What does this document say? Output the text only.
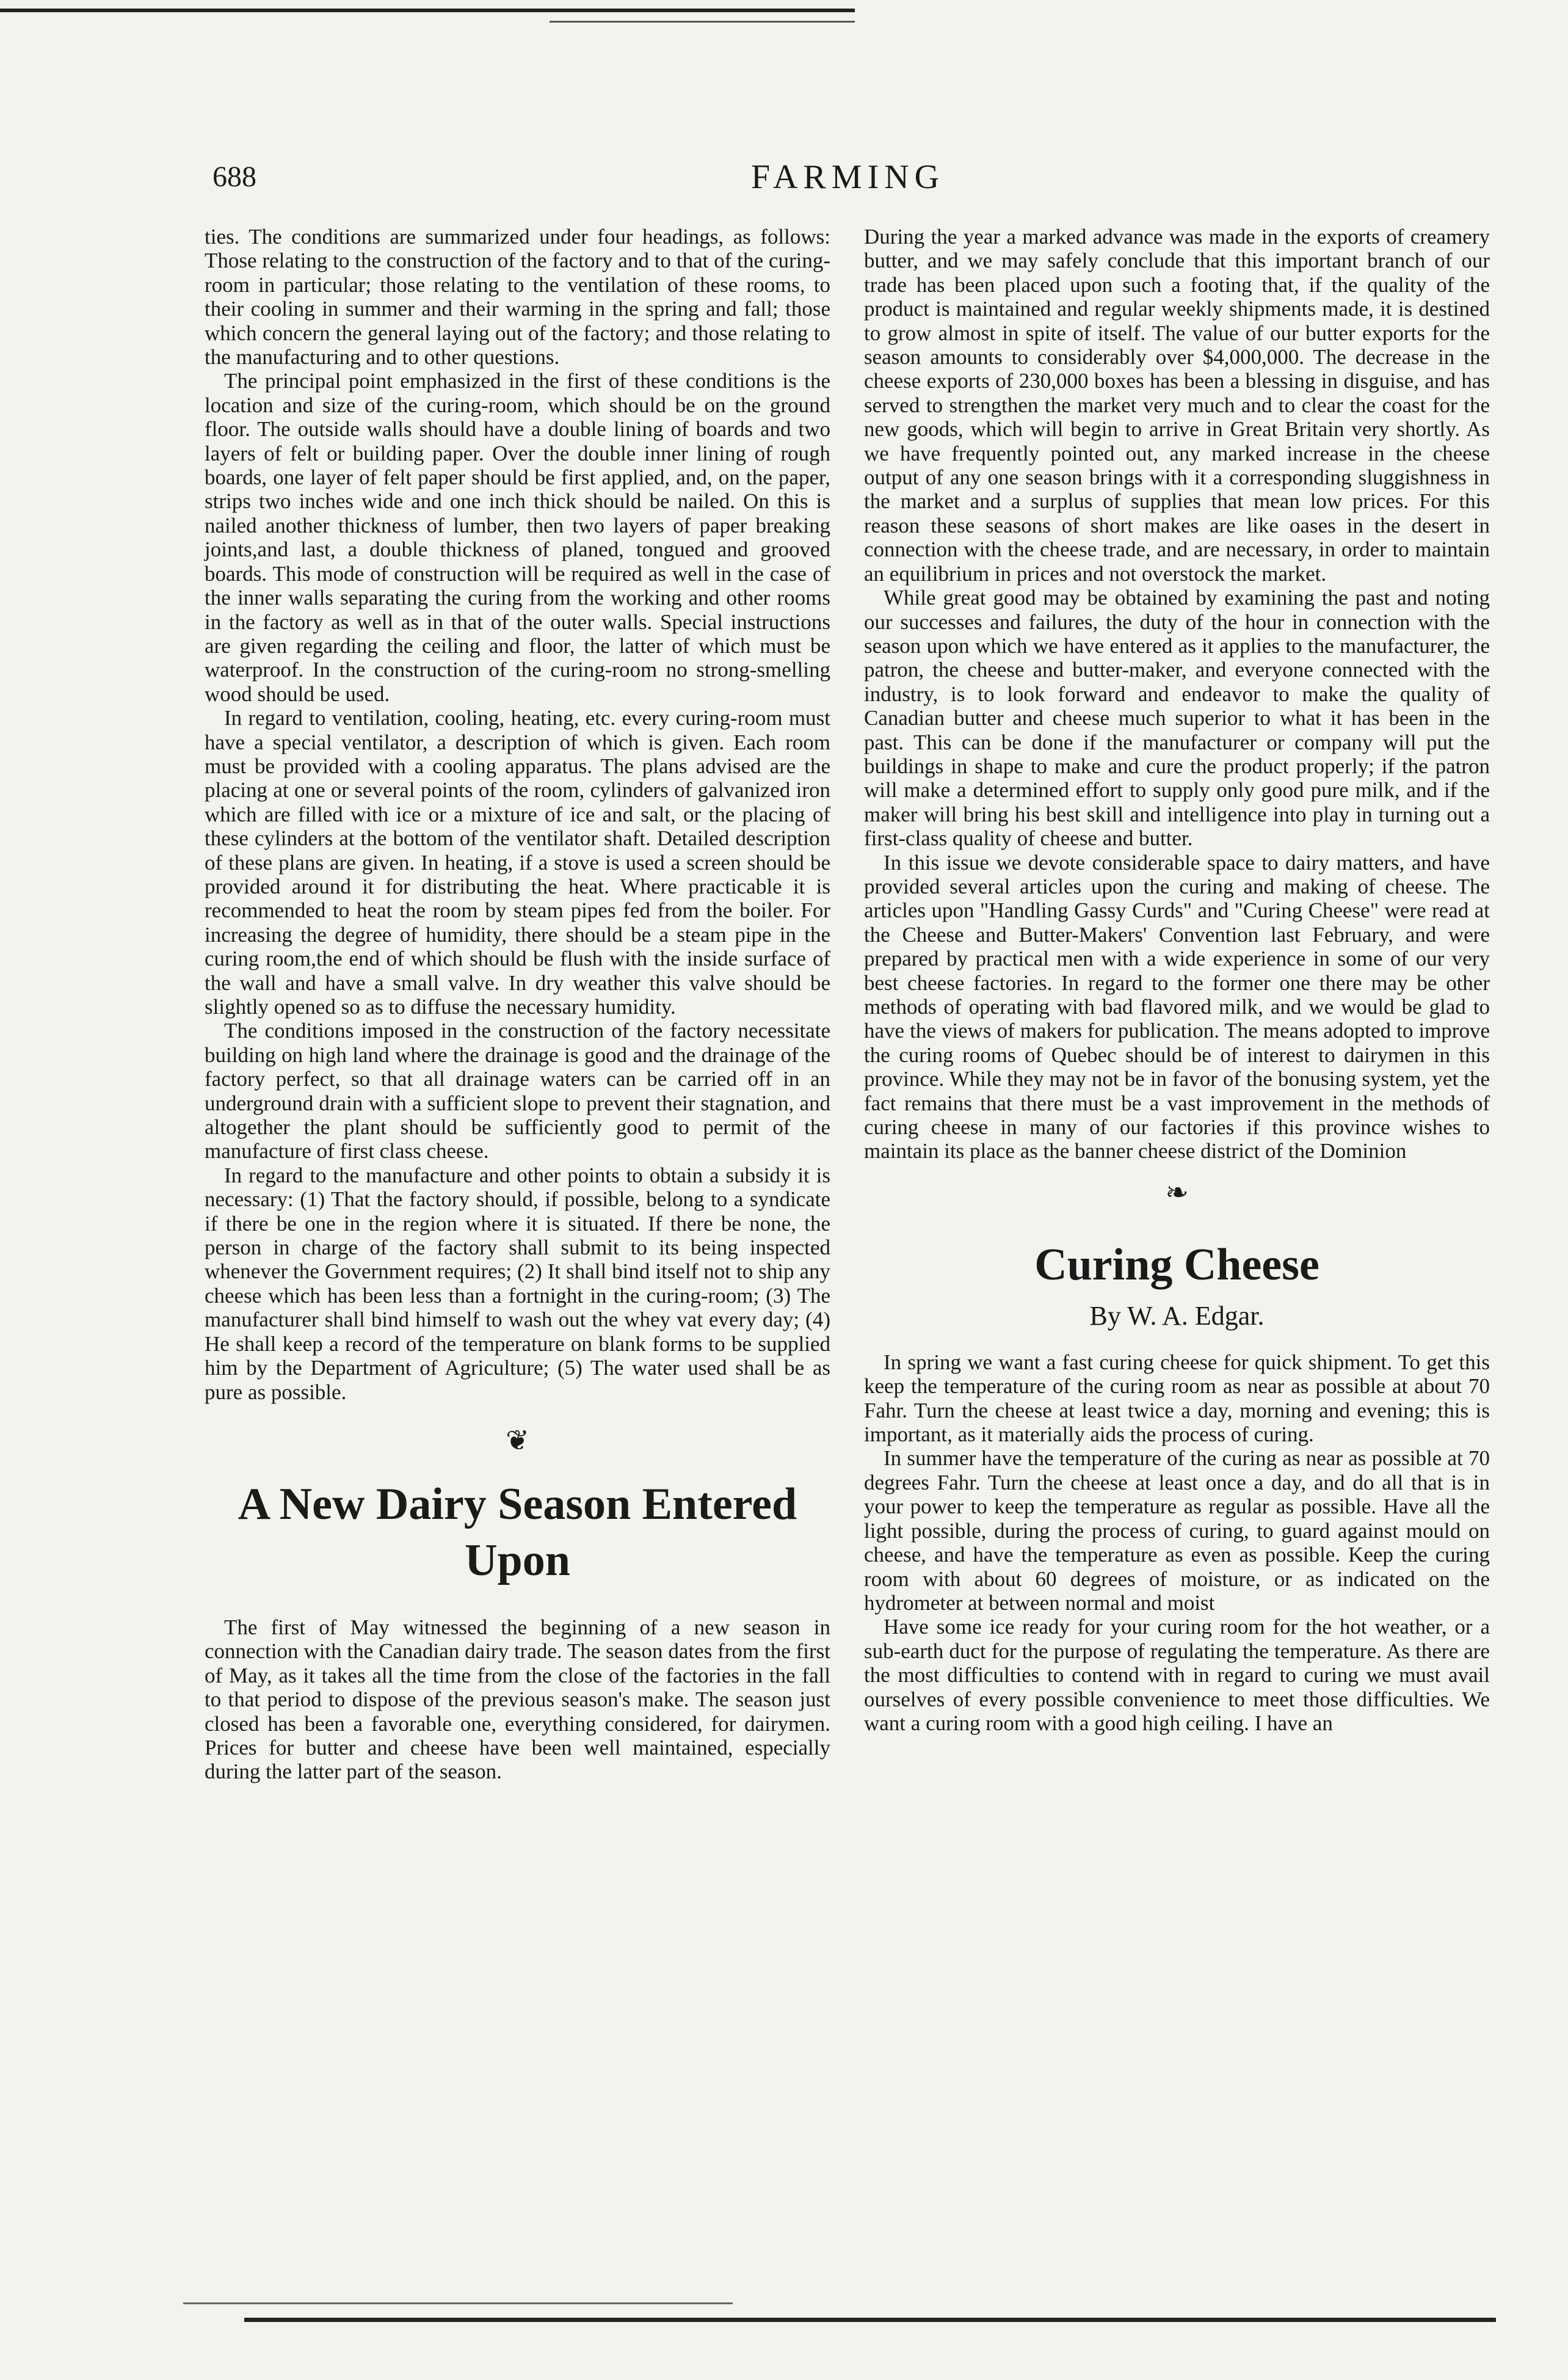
688	FARMING

ties. The conditions are summarized under four headings, as follows: Those relating to the construction of the factory and to that of the curing-room in particular; those relating to the ventilation of these rooms, to their cooling in summer and their warming in the spring and fall; those which concern the general laying out of the factory; and those relating to the manufacturing and to other questions.

The principal point emphasized in the first of these conditions is the location and size of the curing-room, which should be on the ground floor. The outside walls should have a double lining of boards and two layers of felt or building paper. Over the double inner lining of rough boards, one layer of felt paper should be first applied, and, on the paper, strips two inches wide and one inch thick should be nailed. On this is nailed another thickness of lumber, then two layers of paper breaking joints,and last, a double thickness of planed, tongued and grooved boards. This mode of construction will be required as well in the case of the inner walls separating the curing from the working and other rooms in the factory as well as in that of the outer walls. Special instructions are given regarding the ceiling and floor, the latter of which must be waterproof. In the construction of the curing-room no strong-smelling wood should be used.

In regard to ventilation, cooling, heating, etc. every curing-room must have a special ventilator, a description of which is given. Each room must be provided with a cooling apparatus. The plans advised are the placing at one or several points of the room, cylinders of galvanized iron which are filled with ice or a mixture of ice and salt, or the placing of these cylinders at the bottom of the ventilator shaft. Detailed description of these plans are given. In heating, if a stove is used a screen should be provided around it for distributing the heat. Where practicable it is recommended to heat the room by steam pipes fed from the boiler. For increasing the degree of humidity, there should be a steam pipe in the curing room,the end of which should be flush with the inside surface of the wall and have a small valve. In dry weather this valve should be slightly opened so as to diffuse the necessary humidity.

The conditions imposed in the construction of the factory necessitate building on high land where the drainage is good and the drainage of the factory perfect, so that all drainage waters can be carried off in an underground drain with a sufficient slope to prevent their stagnation, and altogether the plant should be sufficiently good to permit of the manufacture of first class cheese.

In regard to the manufacture and other points to obtain a subsidy it is necessary: (1) That the factory should, if possible, belong to a syndicate if there be one in the region where it is situated. If there be none, the person in charge of the factory shall submit to its being inspected whenever the Government requires; (2) It shall bind itself not to ship any cheese which has been less than a fortnight in the curing-room; (3) The manufacturer shall bind himself to wash out the whey vat every day; (4) He shall keep a record of the temperature on blank forms to be supplied him by the Department of Agriculture; (5) The water used shall be as pure as possible.

❦
A New Dairy Season Entered Upon

The first of May witnessed the beginning of a new season in connection with the Canadian dairy trade. The season dates from the first of May, as it takes all the time from the close of the factories in the fall to that period to dispose of the previous season's make. The season just closed has been a favorable one, everything considered, for dairymen. Prices for butter and cheese have been well maintained, especially during the latter part of the season.

During the year a marked advance was made in the exports of creamery butter, and we may safely conclude that this important branch of our trade has been placed upon such a footing that, if the quality of the product is maintained and regular weekly shipments made, it is destined to grow almost in spite of itself. The value of our butter exports for the season amounts to considerably over $4,000,000. The decrease in the cheese exports of 230,000 boxes has been a blessing in disguise, and has served to strengthen the market very much and to clear the coast for the new goods, which will begin to arrive in Great Britain very shortly. As we have frequently pointed out, any marked increase in the cheese output of any one season brings with it a corresponding sluggishness in the market and a surplus of supplies that mean low prices. For this reason these seasons of short makes are like oases in the desert in connection with the cheese trade, and are necessary, in order to maintain an equilibrium in prices and not overstock the market.

While great good may be obtained by examining the past and noting our successes and failures, the duty of the hour in connection with the season upon which we have entered as it applies to the manufacturer, the patron, the cheese and butter-maker, and everyone connected with the industry, is to look forward and endeavor to make the quality of Canadian butter and cheese much superior to what it has been in the past. This can be done if the manufacturer or company will put the buildings in shape to make and cure the product properly; if the patron will make a determined effort to supply only good pure milk, and if the maker will bring his best skill and intelligence into play in turning out a first-class quality of cheese and butter.

In this issue we devote considerable space to dairy matters, and have provided several articles upon the curing and making of cheese. The articles upon "Handling Gassy Curds" and "Curing Cheese" were read at the Cheese and Butter-Makers' Convention last February, and were prepared by practical men with a wide experience in some of our very best cheese factories. In regard to the former one there may be other methods of operating with bad flavored milk, and we would be glad to have the views of makers for publication. The means adopted to improve the curing rooms of Quebec should be of interest to dairymen in this province. While they may not be in favor of the bonusing system, yet the fact remains that there must be a vast improvement in the methods of curing cheese in many of our factories if this province wishes to maintain its place as the banner cheese district of the Dominion

❧
Curing Cheese
By W. A. Edgar.

In spring we want a fast curing cheese for quick shipment. To get this keep the temperature of the curing room as near as possible at about 70 Fahr. Turn the cheese at least twice a day, morning and evening; this is important, as it materially aids the process of curing.

In summer have the temperature of the curing as near as possible at 70 degrees Fahr. Turn the cheese at least once a day, and do all that is in your power to keep the temperature as regular as possible. Have all the light possible, during the process of curing, to guard against mould on cheese, and have the temperature as even as possible. Keep the curing room with about 60 degrees of moisture, or as indicated on the hydrometer at between normal and moist

Have some ice ready for your curing room for the hot weather, or a sub-earth duct for the purpose of regulating the temperature. As there are the most difficulties to contend with in regard to curing we must avail ourselves of every possible convenience to meet those difficulties. We want a curing room with a good high ceiling. I have an
